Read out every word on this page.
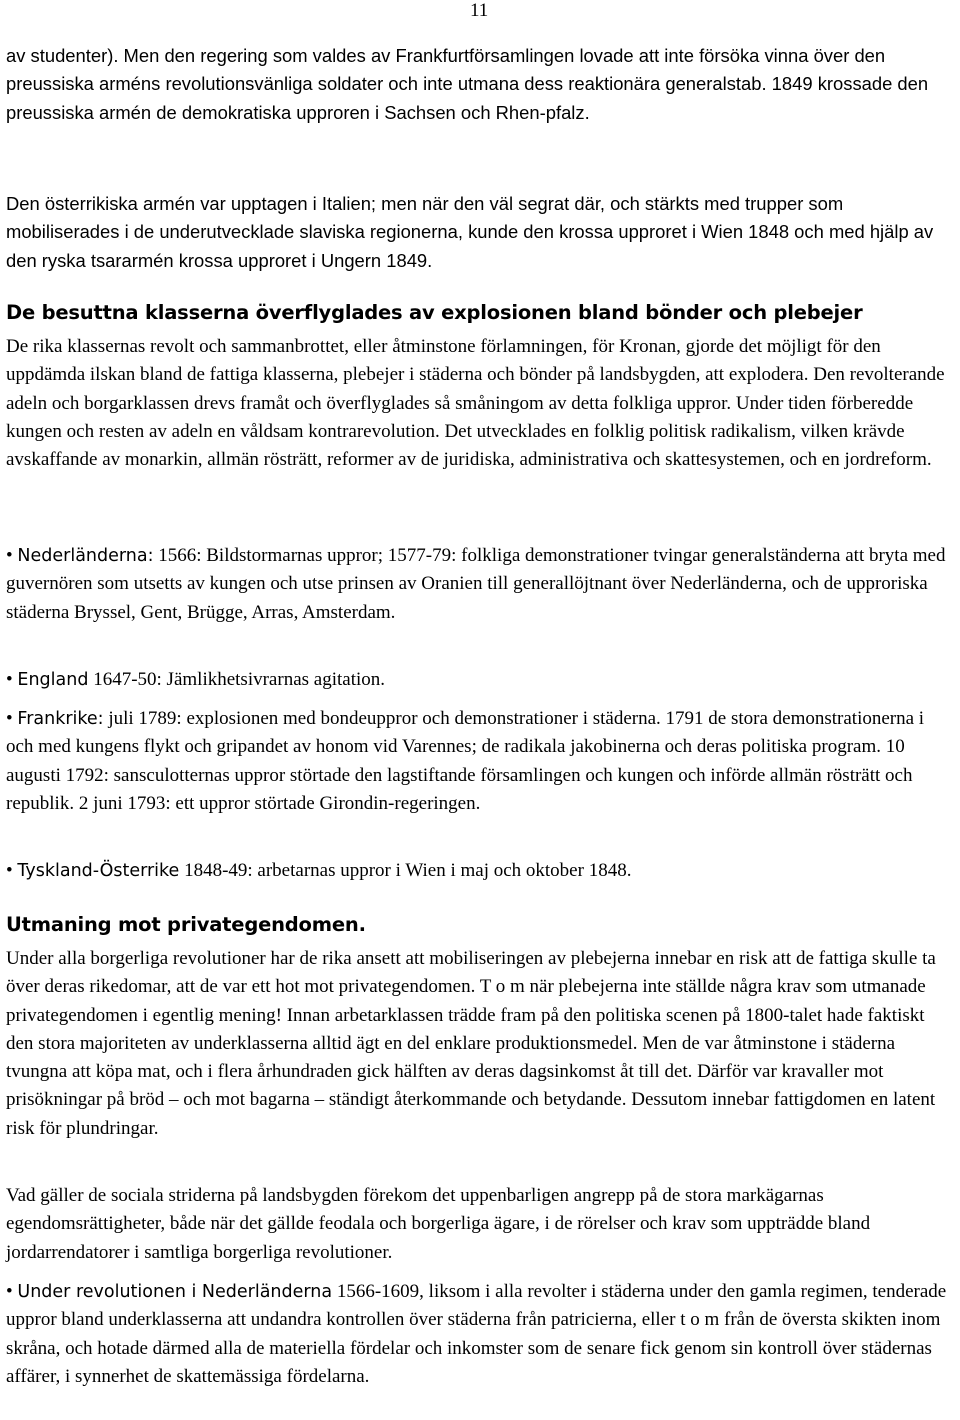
11

av studenter). Men den regering som valdes av Frankfurtförsamlingen lovade att inte försöka vinna över den preussiska arméns revolutionsvänliga soldater och inte utmana dess reaktionära generalstab. 1849 krossade den preussiska armén de demokratiska upproren i Sachsen och Rhen-pfalz.

Den österrikiska armén var upptagen i Italien; men när den väl segrat där, och stärkts med trupper som mobiliserades i de underutvecklade slaviska regionerna, kunde den krossa upproret i Wien 1848 och med hjälp av den ryska tsararmén krossa upproret i Ungern 1849.

De besuttna klasserna överflyglades av explosionen bland bönder och plebejer

De rika klassernas revolt och sammanbrottet, eller åtminstone förlamningen, för Kronan, gjorde det möjligt för den uppdämda ilskan bland de fattiga klasserna, plebejer i städerna och bönder på landsbygden, att explodera. Den revolterande adeln och borgarklassen drevs framåt och överflyglades så småningom av detta folkliga uppror. Under tiden förberedde kungen och resten av adeln en våldsam kontrarevolution. Det utvecklades en folklig politisk radikalism, vilken krävde avskaffande av monarkin, allmän rösträtt, reformer av de juridiska, administrativa och skattesystemen, och en jordreform.

• Nederländerna: 1566: Bildstormarnas uppror; 1577-79: folkliga demonstrationer tvingar generalständerna att bryta med guvernören som utsetts av kungen och utse prinsen av Oranien till generallöjtnant över Nederländerna, och de upproriska städerna Bryssel, Gent, Brügge, Arras, Amsterdam.

• England 1647-50: Jämlikhetsivrarnas agitation.

• Frankrike: juli 1789: explosionen med bondeuppror och demonstrationer i städerna. 1791 de stora demonstrationerna i och med kungens flykt och gripandet av honom vid Varennes; de radikala jakobinerna och deras politiska program. 10 augusti 1792: sansculotternas uppror störtade den lagstiftande församlingen och kungen och införde allmän rösträtt och republik. 2 juni 1793: ett uppror störtade Girondin-regeringen.

• Tyskland-Österrike 1848-49: arbetarnas uppror i Wien i maj och oktober 1848.

Utmaning mot privategendomen.

Under alla borgerliga revolutioner har de rika ansett att mobiliseringen av plebejerna innebar en risk att de fattiga skulle ta över deras rikedomar, att de var ett hot mot privategendomen. T o m när plebejerna inte ställde några krav som utmanade privategendomen i egentlig mening! Innan arbetarklassen trädde fram på den politiska scenen på 1800-talet hade faktiskt den stora majoriteten av underklasserna alltid ägt en del enklare produktionsmedel. Men de var åtminstone i städerna tvungna att köpa mat, och i flera århundraden gick hälften av deras dagsinkomst åt till det. Därför var kravaller mot prisökningar på bröd – och mot bagarna – ständigt återkommande och betydande. Dessutom innebar fattigdomen en latent risk för plundringar.

Vad gäller de sociala striderna på landsbygden förekom det uppenbarligen angrepp på de stora markägarnas egendomsrättigheter, både när det gällde feodala och borgerliga ägare, i de rörelser och krav som uppträdde bland jordarrendatorer i samtliga borgerliga revolutioner.

• Under revolutionen i Nederländerna 1566-1609, liksom i alla revolter i städerna under den gamla regimen, tenderade uppror bland underklasserna att undandra kontrollen över städerna från patricierna, eller t o m från de översta skikten inom skråna, och hotade därmed alla de materiella fördelar och inkomster som de senare fick genom sin kontroll över städernas affärer, i synnerhet de skattemässiga fördelarna.
